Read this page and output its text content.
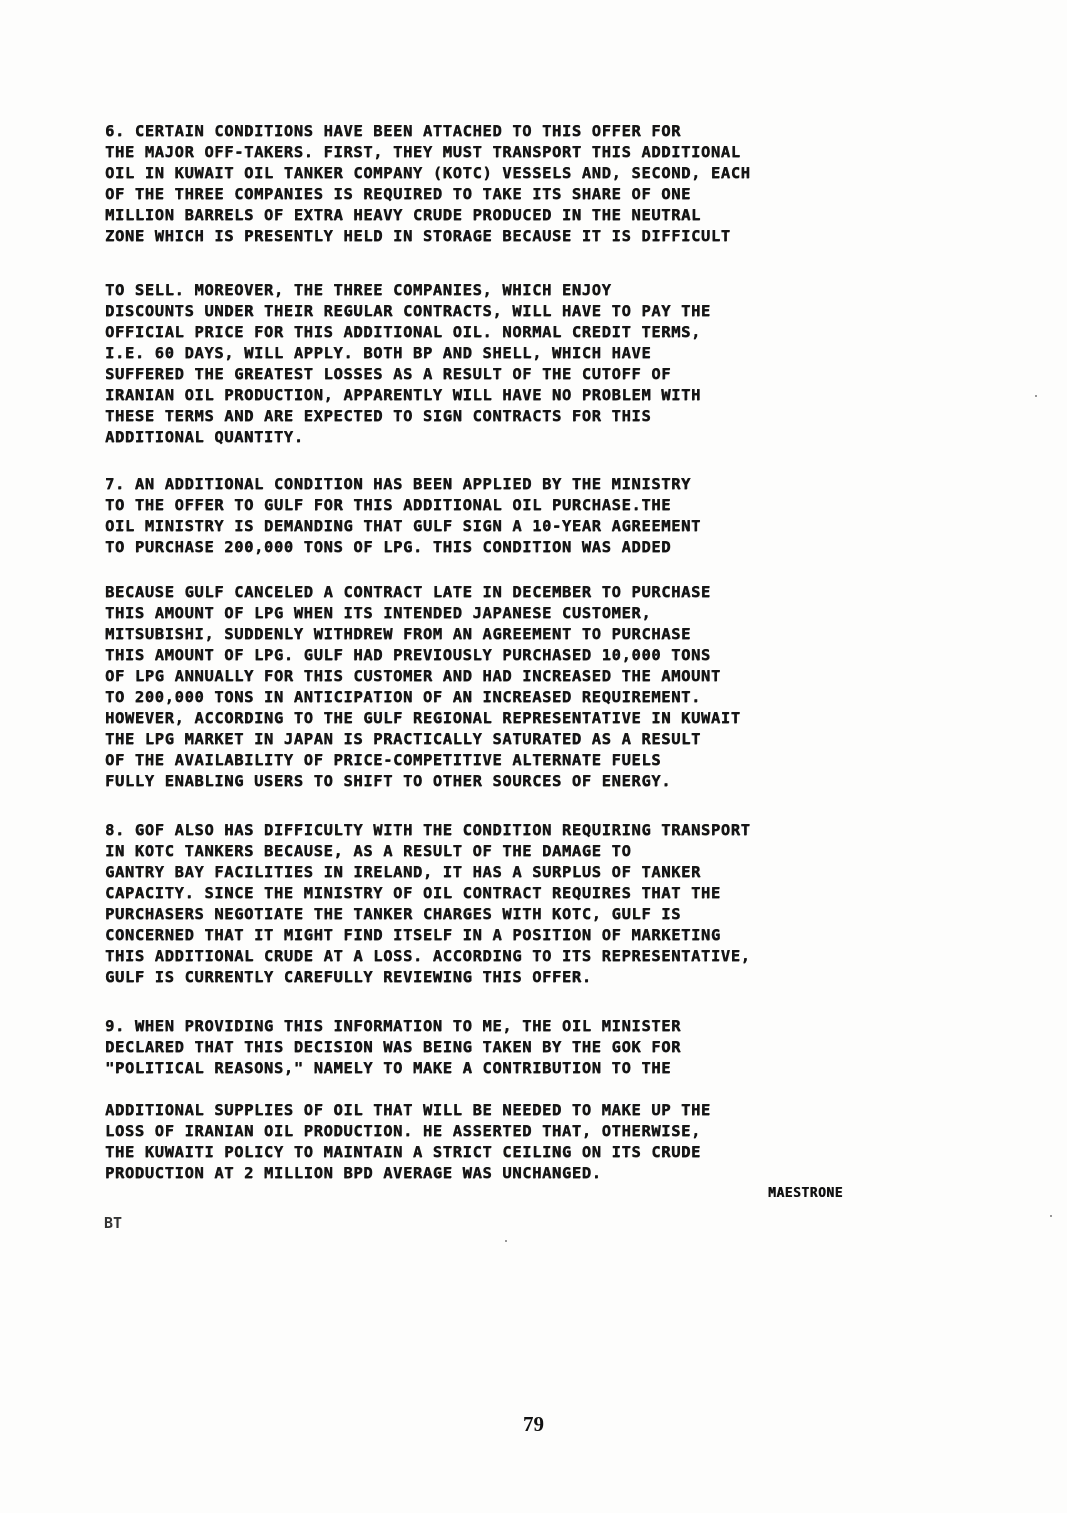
6. CERTAIN CONDITIONS HAVE BEEN ATTACHED TO THIS OFFER FOR
THE MAJOR OFF-TAKERS. FIRST, THEY MUST TRANSPORT THIS ADDITIONAL
OIL IN KUWAIT OIL TANKER COMPANY (KOTC) VESSELS AND, SECOND, EACH
OF THE THREE COMPANIES IS REQUIRED TO TAKE ITS SHARE OF ONE
MILLION BARRELS OF EXTRA HEAVY CRUDE PRODUCED IN THE NEUTRAL
ZONE WHICH IS PRESENTLY HELD IN STORAGE BECAUSE IT IS DIFFICULT
TO SELL. MOREOVER, THE THREE COMPANIES, WHICH ENJOY
DISCOUNTS UNDER THEIR REGULAR CONTRACTS, WILL HAVE TO PAY THE
OFFICIAL PRICE FOR THIS ADDITIONAL OIL. NORMAL CREDIT TERMS,
I.E. 60 DAYS, WILL APPLY. BOTH BP AND SHELL, WHICH HAVE
SUFFERED THE GREATEST LOSSES AS A RESULT OF THE CUTOFF OF
IRANIAN OIL PRODUCTION, APPARENTLY WILL HAVE NO PROBLEM WITH
THESE TERMS AND ARE EXPECTED TO SIGN CONTRACTS FOR THIS
ADDITIONAL QUANTITY.
7. AN ADDITIONAL CONDITION HAS BEEN APPLIED BY THE MINISTRY
TO THE OFFER TO GULF FOR THIS ADDITIONAL OIL PURCHASE.THE
OIL MINISTRY IS DEMANDING THAT GULF SIGN A 10-YEAR AGREEMENT
TO PURCHASE 200,000 TONS OF LPG. THIS CONDITION WAS ADDED
BECAUSE GULF CANCELED A CONTRACT LATE IN DECEMBER TO PURCHASE
THIS AMOUNT OF LPG WHEN ITS INTENDED JAPANESE CUSTOMER,
MITSUBISHI, SUDDENLY WITHDREW FROM AN AGREEMENT TO PURCHASE
THIS AMOUNT OF LPG. GULF HAD PREVIOUSLY PURCHASED 10,000 TONS
OF LPG ANNUALLY FOR THIS CUSTOMER AND HAD INCREASED THE AMOUNT
TO 200,000 TONS IN ANTICIPATION OF AN INCREASED REQUIREMENT.
HOWEVER, ACCORDING TO THE GULF REGIONAL REPRESENTATIVE IN KUWAIT
THE LPG MARKET IN JAPAN IS PRACTICALLY SATURATED AS A RESULT
OF THE AVAILABILITY OF PRICE-COMPETITIVE ALTERNATE FUELS
FULLY ENABLING USERS TO SHIFT TO OTHER SOURCES OF ENERGY.
8. GOF ALSO HAS DIFFICULTY WITH THE CONDITION REQUIRING TRANSPORT
IN KOTC TANKERS BECAUSE, AS A RESULT OF THE DAMAGE TO
GANTRY BAY FACILITIES IN IRELAND, IT HAS A SURPLUS OF TANKER
CAPACITY. SINCE THE MINISTRY OF OIL CONTRACT REQUIRES THAT THE
PURCHASERS NEGOTIATE THE TANKER CHARGES WITH KOTC, GULF IS
CONCERNED THAT IT MIGHT FIND ITSELF IN A POSITION OF MARKETING
THIS ADDITIONAL CRUDE AT A LOSS. ACCORDING TO ITS REPRESENTATIVE,
GULF IS CURRENTLY CAREFULLY REVIEWING THIS OFFER.
9. WHEN PROVIDING THIS INFORMATION TO ME, THE OIL MINISTER
DECLARED THAT THIS DECISION WAS BEING TAKEN BY THE GOK FOR
"POLITICAL REASONS," NAMELY TO MAKE A CONTRIBUTION TO THE
ADDITIONAL SUPPLIES OF OIL THAT WILL BE NEEDED TO MAKE UP THE
LOSS OF IRANIAN OIL PRODUCTION. HE ASSERTED THAT, OTHERWISE,
THE KUWAITI POLICY TO MAINTAIN A STRICT CEILING ON ITS CRUDE
PRODUCTION AT 2 MILLION BPD AVERAGE WAS UNCHANGED.
MAESTRONE
BT
79
